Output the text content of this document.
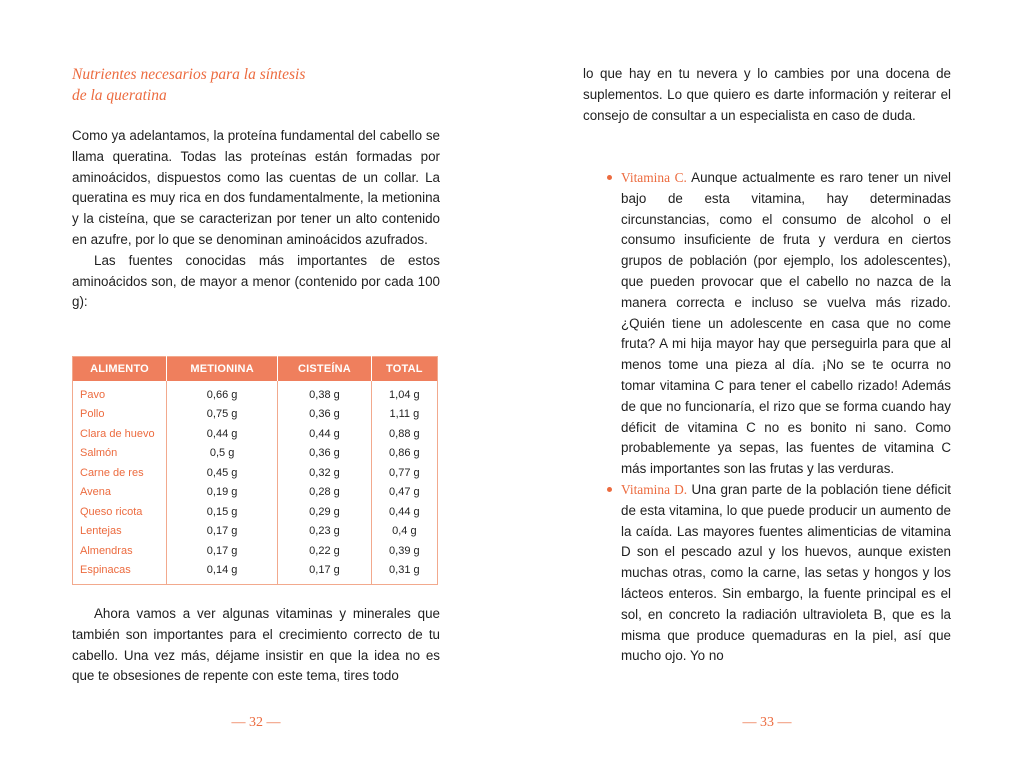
Nutrientes necesarios para la síntesis
de la queratina

Como ya adelantamos, la proteína fundamental del cabello se llama queratina. Todas las proteínas están formadas por aminoácidos, dispuestos como las cuentas de un collar. La queratina es muy rica en dos fundamentalmente, la metionina y la cisteína, que se caracterizan por tener un alto contenido en azufre, por lo que se denominan aminoácidos azufrados.

Las fuentes conocidas más importantes de estos aminoácidos son, de mayor a menor (contenido por cada 100 g):

ALIMENTO	METIONINA	CISTEÍNA	TOTAL
Pavo	0,66 g	0,38 g	1,04 g
Pollo	0,75 g	0,36 g	1,11 g
Clara de huevo	0,44 g	0,44 g	0,88 g
Salmón	0,5 g	0,36 g	0,86 g
Carne de res	0,45 g	0,32 g	0,77 g
Avena	0,19 g	0,28 g	0,47 g
Queso ricota	0,15 g	0,29 g	0,44 g
Lentejas	0,17 g	0,23 g	0,4 g
Almendras	0,17 g	0,22 g	0,39 g
Espinacas	0,14 g	0,17 g	0,31 g

Ahora vamos a ver algunas vitaminas y minerales que también son importantes para el crecimiento correcto de tu cabello. Una vez más, déjame insistir en que la idea no es que te obsesiones de repente con este tema, tires todo

— 32 —

lo que hay en tu nevera y lo cambies por una docena de suplementos. Lo que quiero es darte información y reiterar el consejo de consultar a un especialista en caso de duda.

Vitamina C. Aunque actualmente es raro tener un nivel bajo de esta vitamina, hay determinadas circunstancias, como el consumo de alcohol o el consumo insuficiente de fruta y verdura en ciertos grupos de población (por ejemplo, los adolescentes), que pueden provocar que el cabello no nazca de la manera correcta e incluso se vuelva más rizado. ¿Quién tiene un adolescente en casa que no come fruta? A mi hija mayor hay que perseguirla para que al menos tome una pieza al día. ¡No se te ocurra no tomar vitamina C para tener el cabello rizado! Además de que no funcionaría, el rizo que se forma cuando hay déficit de vitamina C no es bonito ni sano. Como probablemente ya sepas, las fuentes de vitamina C más importantes son las frutas y las verduras.
Vitamina D. Una gran parte de la población tiene déficit de esta vitamina, lo que puede producir un aumento de la caída. Las mayores fuentes alimenticias de vitamina D son el pescado azul y los huevos, aunque existen muchas otras, como la carne, las setas y hongos y los lácteos enteros. Sin embargo, la fuente principal es el sol, en concreto la radiación ultravioleta B, que es la misma que produce quemaduras en la piel, así que mucho ojo. Yo no
— 33 —
